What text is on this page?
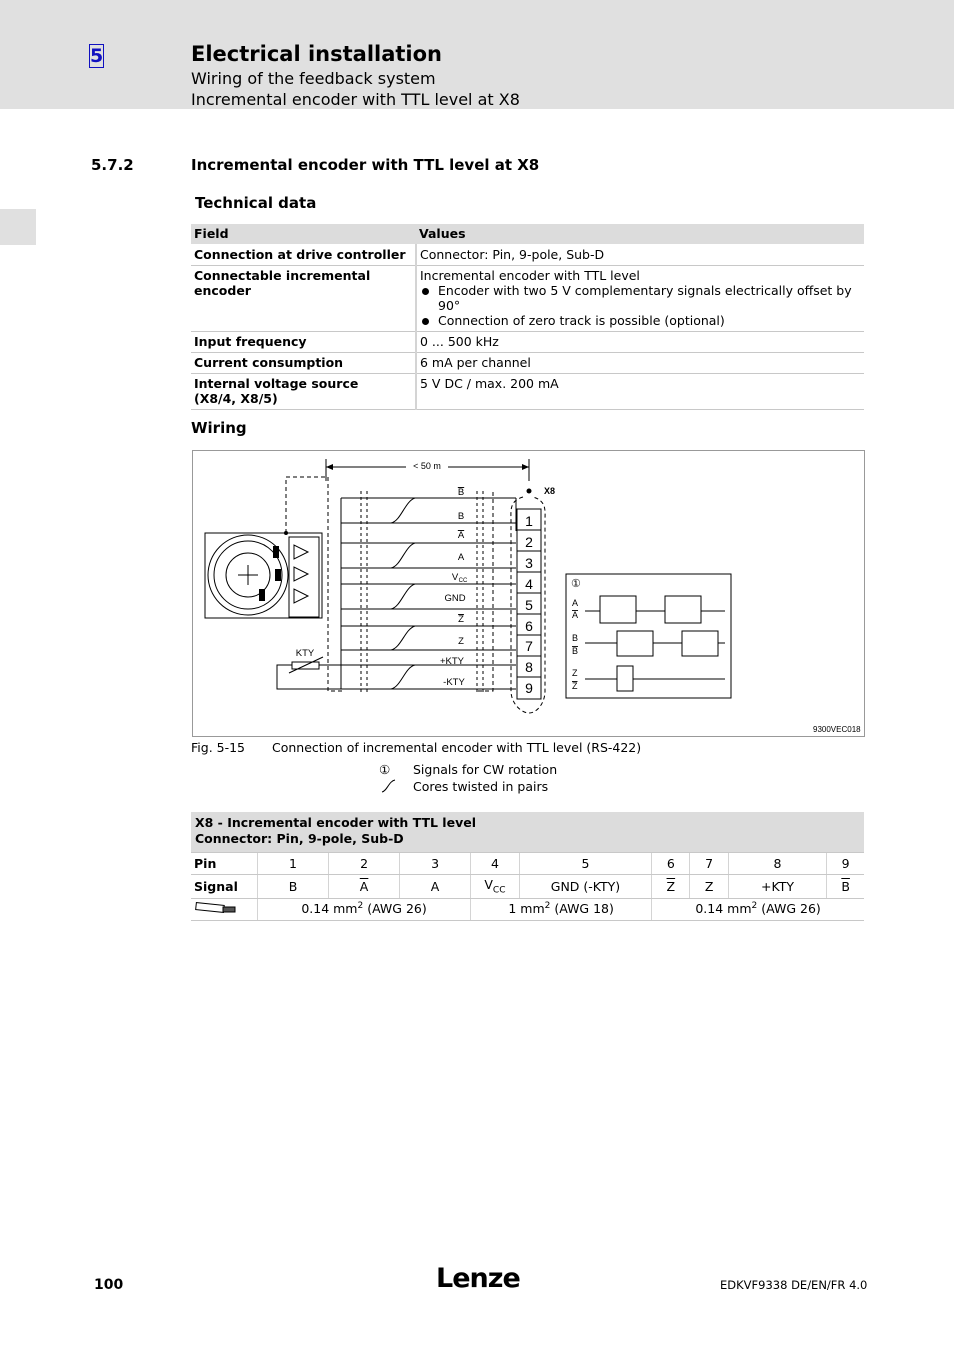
5	Electrical installation
Wiring of the feedback system
Incremental encoder with TTL level at X8
5.7.2	Incremental encoder with TTL level at X8
Technical data
Field	Values
Connection at drive controller	Connector: Pin, 9-pole, Sub-D
Connectable incremental encoder	Incremental encoder with TTL level
Encoder with two 5 V complementary signals electrically offset by 90°
Connection of zero track is possible (optional)

Input frequency	0 ... 500 kHz
Current consumption	6 mA per channel

Internal voltage source
(X8/4, X8/5)	5 V DC / max. 200 mA
Wiring
< 50 m
B
B
A
A
V CC
GND
Z
Z
+KTY
-KTY
KTY
X8
1
2
3
4
5
6
7
8
9
①
A
A
B
B
Z
Z
9300VEC018
Fig. 5-15 Connection of incremental encoder with TTL level (RS-422)
① Signals for CW rotation
Cores twisted in pairs
X8 - Incremental encoder with TTL level
Connector: Pin, 9-pole, Sub-D									

Pin	1	2	3	4	5	6	7	8	9
Signal	B	$\overline{A}$	A	$V_{CC}$	GND (-KTY)	$\overline{Z}$	Z	+KTY	$\overline{B}$
	0.14 $mm^2$ (AWG 26)			1 $mm^2$ (AWG 18)		0.14 $mm^2$ (AWG 26)			
100	Lenze	EDKVF9338 DE/EN/FR 4.0
